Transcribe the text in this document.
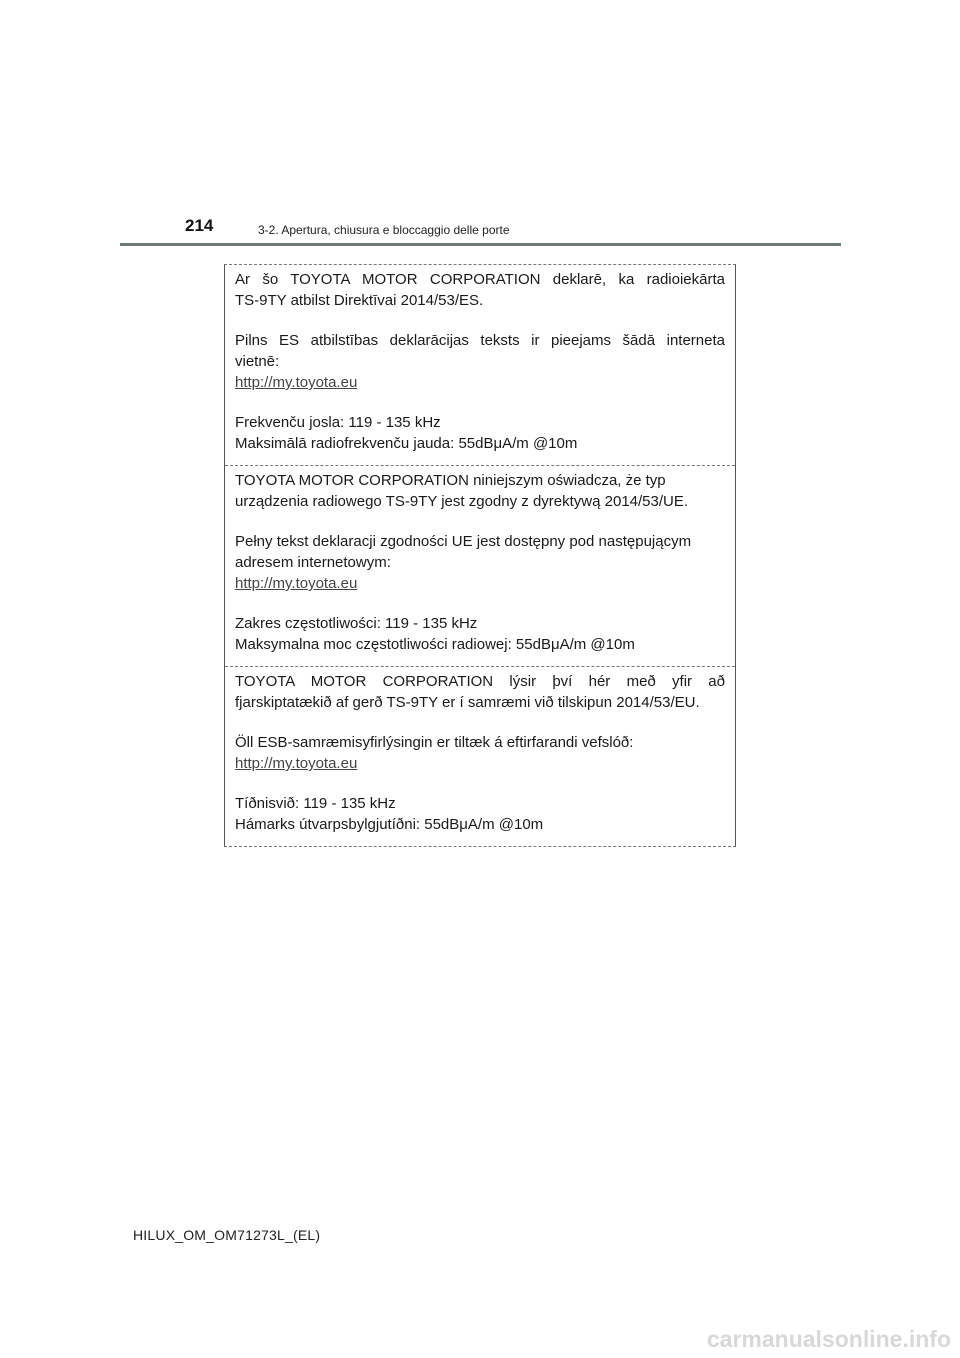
214	3-2. Apertura, chiusura e bloccaggio delle porte

Ar šo TOYOTA MOTOR CORPORATION deklarē, ka radioiekārta
TS-9TY atbilst Direktīvai 2014/53/ES.

Pilns ES atbilstības deklarācijas teksts ir pieejams šādā interneta
vietnē:
http://my.toyota.eu

Frekvenču josla: 119 - 135 kHz
Maksimālā radiofrekvenču jauda: 55dBμA/m @10m

TOYOTA MOTOR CORPORATION niniejszym oświadcza, że typ
urządzenia radiowego TS-9TY jest zgodny z dyrektywą 2014/53/UE.

Pełny tekst deklaracji zgodności UE jest dostępny pod następującym
adresem internetowym:
http://my.toyota.eu

Zakres częstotliwości: 119 - 135 kHz
Maksymalna moc częstotliwości radiowej: 55dBμA/m @10m

TOYOTA MOTOR CORPORATION lýsir því hér með yfir að
fjarskiptatækið af gerð TS-9TY er í samræmi við tilskipun 2014/53/EU.

Öll ESB-samræmisyfirlýsingin er tiltæk á eftirfarandi vefslóð:
http://my.toyota.eu

Tíðnisvið: 119 - 135 kHz
Hámarks útvarpsbylgjutíðni: 55dBμA/m @10m

HILUX_OM_OM71273L_(EL)
carmanualsonline.info
